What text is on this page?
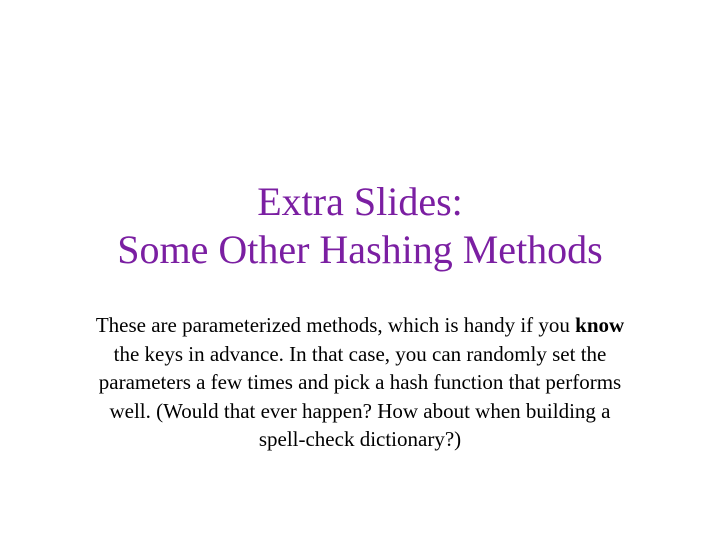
Extra Slides:
Some Other Hashing Methods

These are parameterized methods, which is handy if you know the keys in advance. In that case, you can randomly set the parameters a few times and pick a hash function that performs well. (Would that ever happen? How about when building a spell-check dictionary?)
